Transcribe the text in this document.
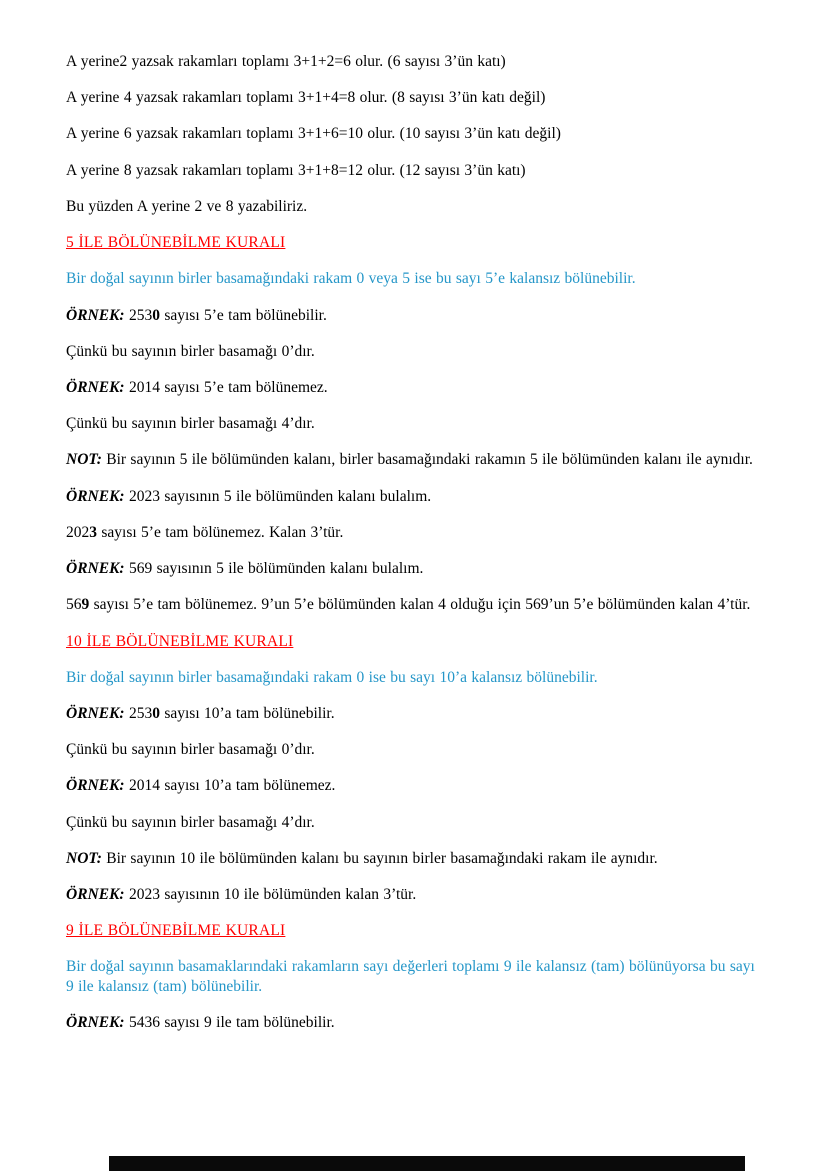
A yerine2 yazsak rakamları toplamı 3+1+2=6 olur. (6 sayısı 3’ün katı)

A yerine 4 yazsak rakamları toplamı 3+1+4=8 olur. (8 sayısı 3’ün katı değil)

A yerine 6 yazsak rakamları toplamı 3+1+6=10 olur. (10 sayısı 3’ün katı değil)

A yerine 8 yazsak rakamları toplamı 3+1+8=12 olur. (12 sayısı 3’ün katı)

Bu yüzden A yerine 2 ve 8 yazabiliriz.

5 İLE BÖLÜNEBİLME KURALI

Bir doğal sayının birler basamağındaki rakam 0 veya 5 ise bu sayı 5’e kalansız bölünebilir.

ÖRNEK: 2530 sayısı 5’e tam bölünebilir.

Çünkü bu sayının birler basamağı 0’dır.

ÖRNEK: 2014 sayısı 5’e tam bölünemez.

Çünkü bu sayının birler basamağı 4’dır.

NOT: Bir sayının 5 ile bölümünden kalanı, birler basamağındaki rakamın 5 ile bölümünden kalanı ile aynıdır.

ÖRNEK: 2023 sayısının 5 ile bölümünden kalanı bulalım.

2023 sayısı 5’e tam bölünemez. Kalan 3’tür.

ÖRNEK: 569 sayısının 5 ile bölümünden kalanı bulalım.

569 sayısı 5’e tam bölünemez. 9’un 5’e bölümünden kalan 4 olduğu için 569’un 5’e bölümünden kalan 4’tür.

10 İLE BÖLÜNEBİLME KURALI

Bir doğal sayının birler basamağındaki rakam 0 ise bu sayı 10’a kalansız bölünebilir.

ÖRNEK: 2530 sayısı 10’a tam bölünebilir.

Çünkü bu sayının birler basamağı 0’dır.

ÖRNEK: 2014 sayısı 10’a tam bölünemez.

Çünkü bu sayının birler basamağı 4’dır.

NOT: Bir sayının 10 ile bölümünden kalanı bu sayının birler basamağındaki rakam ile aynıdır.

ÖRNEK: 2023 sayısının 10 ile bölümünden kalan 3’tür.

9 İLE BÖLÜNEBİLME KURALI

Bir doğal sayının basamaklarındaki rakamların sayı değerleri toplamı 9 ile kalansız (tam) bölünüyorsa bu sayı 9 ile kalansız (tam) bölünebilir.

ÖRNEK: 5436 sayısı 9 ile tam bölünebilir.
